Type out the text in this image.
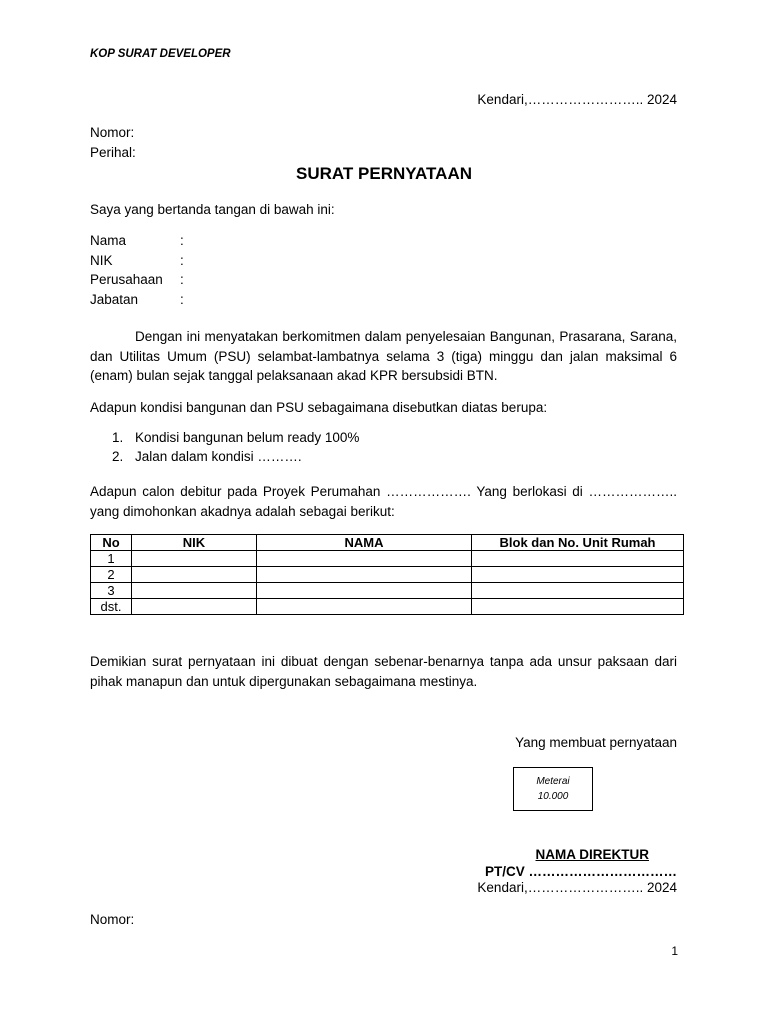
KOP SURAT DEVELOPER
Kendari,…………………….. 2024
Nomor:
Perihal:
SURAT PERNYATAAN
Saya yang bertanda tangan di bawah ini:
Nama	:
NIK	:
Perusahaan :
Jabatan	:
Dengan ini menyatakan berkomitmen dalam penyelesaian Bangunan, Prasarana, Sarana, dan Utilitas Umum (PSU) selambat-lambatnya selama 3 (tiga) minggu dan jalan maksimal 6 (enam) bulan sejak tanggal pelaksanaan akad KPR bersubsidi BTN.
Adapun kondisi bangunan dan PSU sebagaimana disebutkan diatas berupa:
1. Kondisi bangunan belum ready 100%
2. Jalan dalam kondisi ……….
Adapun calon debitur pada Proyek Perumahan ………………. Yang berlokasi di ……………….. yang dimohonkan akadnya adalah sebagai berikut:
No	NIK	NAMA	Blok dan No. Unit Rumah
1			
2			
3			
dst.			
Demikian surat pernyataan ini dibuat dengan sebenar-benarnya tanpa ada unsur paksaan dari pihak manapun dan untuk dipergunakan sebagaimana mestinya.
Yang membuat pernyataan
Meterai
10.000
NAMA DIREKTUR
PT/CV ……………………………
Kendari,…………………….. 2024
Nomor:
1
